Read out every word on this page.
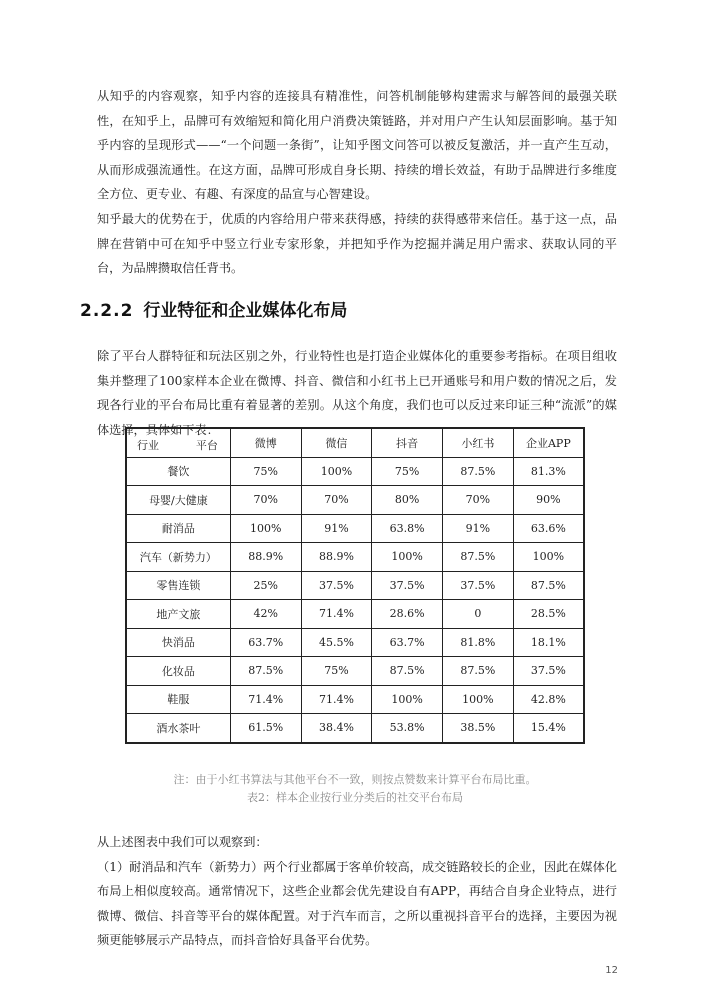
从知乎的内容观察，知乎内容的连接具有精准性，问答机制能够构建需求与解答间的最强关联性，在知乎上，品牌可有效缩短和简化用户消费决策链路，并对用户产生认知层面影响。基于知乎内容的呈现形式——“一个问题一条街”，让知乎图文问答可以被反复激活，并一直产生互动，从而形成强流通性。在这方面，品牌可形成自身长期、持续的增长效益，有助于品牌进行多维度全方位、更专业、有趣、有深度的品宣与心智建设。

知乎最大的优势在于，优质的内容给用户带来获得感，持续的获得感带来信任。基于这一点，品牌在营销中可在知乎中竖立行业专家形象，并把知乎作为挖掘并满足用户需求、获取认同的平台，为品牌攒取信任背书。

2.2.2 行业特征和企业媒体化布局

除了平台人群特征和玩法区别之外，行业特性也是打造企业媒体化的重要参考指标。在项目组收集并整理了100家样本企业在微博、抖音、微信和小红书上已开通账号和用户数的情况之后，发现各行业的平台布局比重有着显著的差别。从这个角度，我们也可以反过来印证三种“流派”的媒体选择，具体如下表：

行业 平台	微博	微信	抖音	小红书	企业APP
餐饮	75%	100%	75%	87.5%	81.3%
母婴/大健康	70%	70%	80%	70%	90%
耐消品	100%	91%	63.8%	91%	63.6%
汽车（新势力）	88.9%	88.9%	100%	87.5%	100%
零售连锁	25%	37.5%	37.5%	37.5%	87.5%
地产文旅	42%	71.4%	28.6%	0	28.5%
快消品	63.7%	45.5%	63.7%	81.8%	18.1%
化妆品	87.5%	75%	87.5%	87.5%	37.5%
鞋服	71.4%	71.4%	100%	100%	42.8%
酒水茶叶	61.5%	38.4%	53.8%	38.5%	15.4%

注：由于小红书算法与其他平台不一致，则按点赞数来计算平台布局比重。

表2：样本企业按行业分类后的社交平台布局

从上述图表中我们可以观察到：
（1）耐消品和汽车（新势力）两个行业都属于客单价较高，成交链路较长的企业，因此在媒体化布局上相似度较高。通常情况下，这些企业都会优先建设自有APP，再结合自身企业特点，进行微博、微信、抖音等平台的媒体配置。对于汽车而言，之所以重视抖音平台的选择，主要因为视频更能够展示产品特点，而抖音恰好具备平台优势。

12
